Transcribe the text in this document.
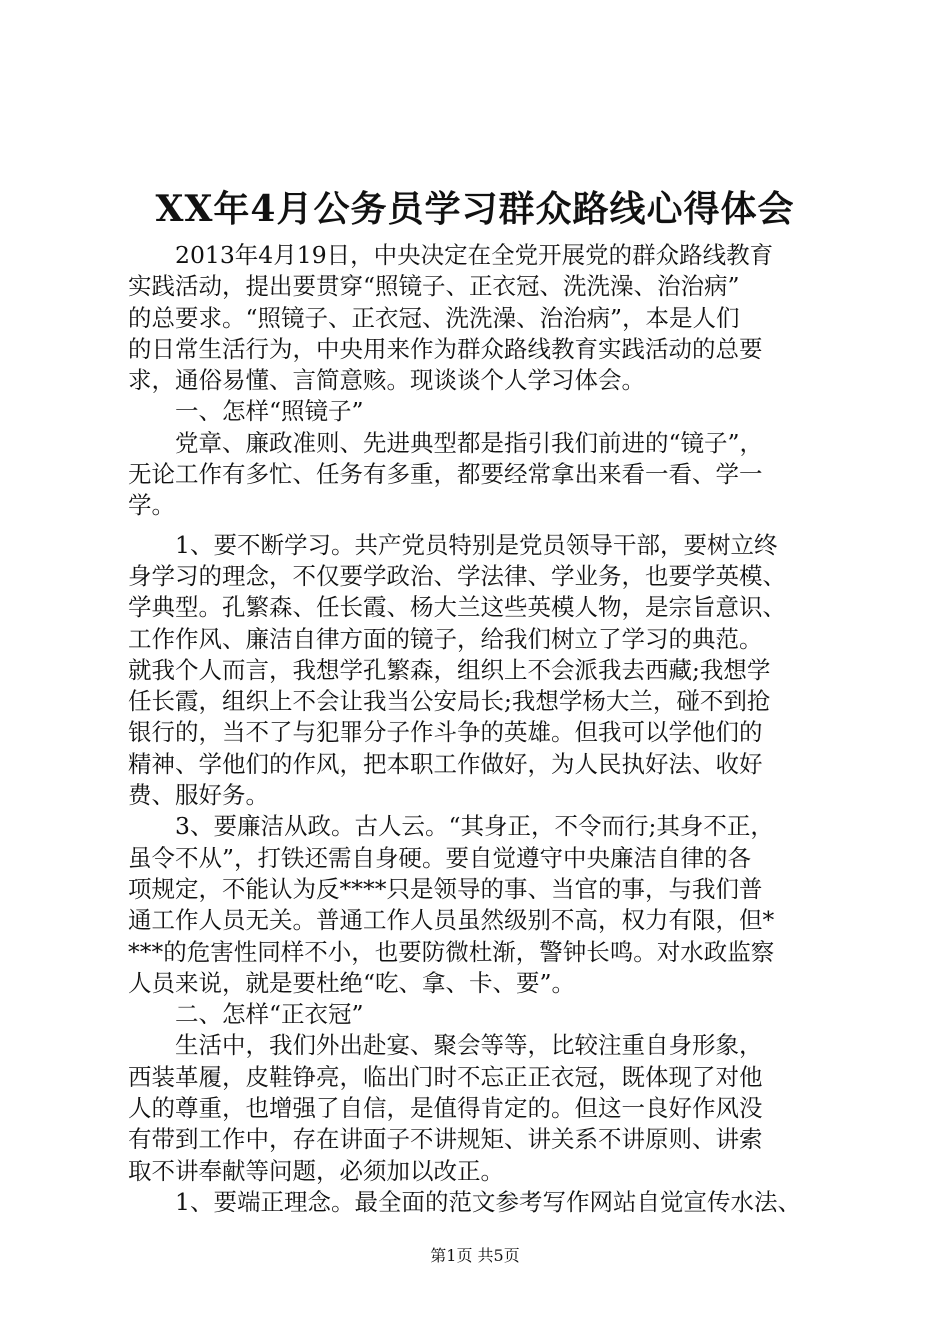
XX年4月公务员学习群众路线心得体会
　　2013年4月19日，中央决定在全党开展党的群众路线教育
实践活动，提出要贯穿“照镜子、正衣冠、洗洗澡、治治病”
的总要求。“照镜子、正衣冠、洗洗澡、治治病”，本是人们
的日常生活行为，中央用来作为群众路线教育实践活动的总要
求，通俗易懂、言简意赅。现谈谈个人学习体会。
　　一、怎样“照镜子”
　　党章、廉政准则、先进典型都是指引我们前进的“镜子”，
无论工作有多忙、任务有多重，都要经常拿出来看一看、学一
学。
　　1、要不断学习。共产党员特别是党员领导干部，要树立终
身学习的理念，不仅要学政治、学法律、学业务，也要学英模、
学典型。孔繁森、任长霞、杨大兰这些英模人物，是宗旨意识、
工作作风、廉洁自律方面的镜子，给我们树立了学习的典范。
就我个人而言，我想学孔繁森，组织上不会派我去西藏;我想学
任长霞，组织上不会让我当公安局长;我想学杨大兰，碰不到抢
银行的，当不了与犯罪分子作斗争的英雄。但我可以学他们的
精神、学他们的作风，把本职工作做好，为人民执好法、收好
费、服好务。
　　3、要廉洁从政。古人云。“其身正，不令而行;其身不正，
虽令不从”，打铁还需自身硬。要自觉遵守中央廉洁自律的各
项规定，不能认为反****只是领导的事、当官的事，与我们普
通工作人员无关。普通工作人员虽然级别不高，权力有限，但*
***的危害性同样不小，也要防微杜渐，警钟长鸣。对水政监察
人员来说，就是要杜绝“吃、拿、卡、要”。
　　二、怎样“正衣冠”
　　生活中，我们外出赴宴、聚会等等，比较注重自身形象，
西装革履，皮鞋铮亮，临出门时不忘正正衣冠，既体现了对他
人的尊重，也增强了自信，是值得肯定的。但这一良好作风没
有带到工作中，存在讲面子不讲规矩、讲关系不讲原则、讲索
取不讲奉献等问题，必须加以改正。
　　1、要端正理念。最全面的范文参考写作网站自觉宣传水法、
第1页 共5页
